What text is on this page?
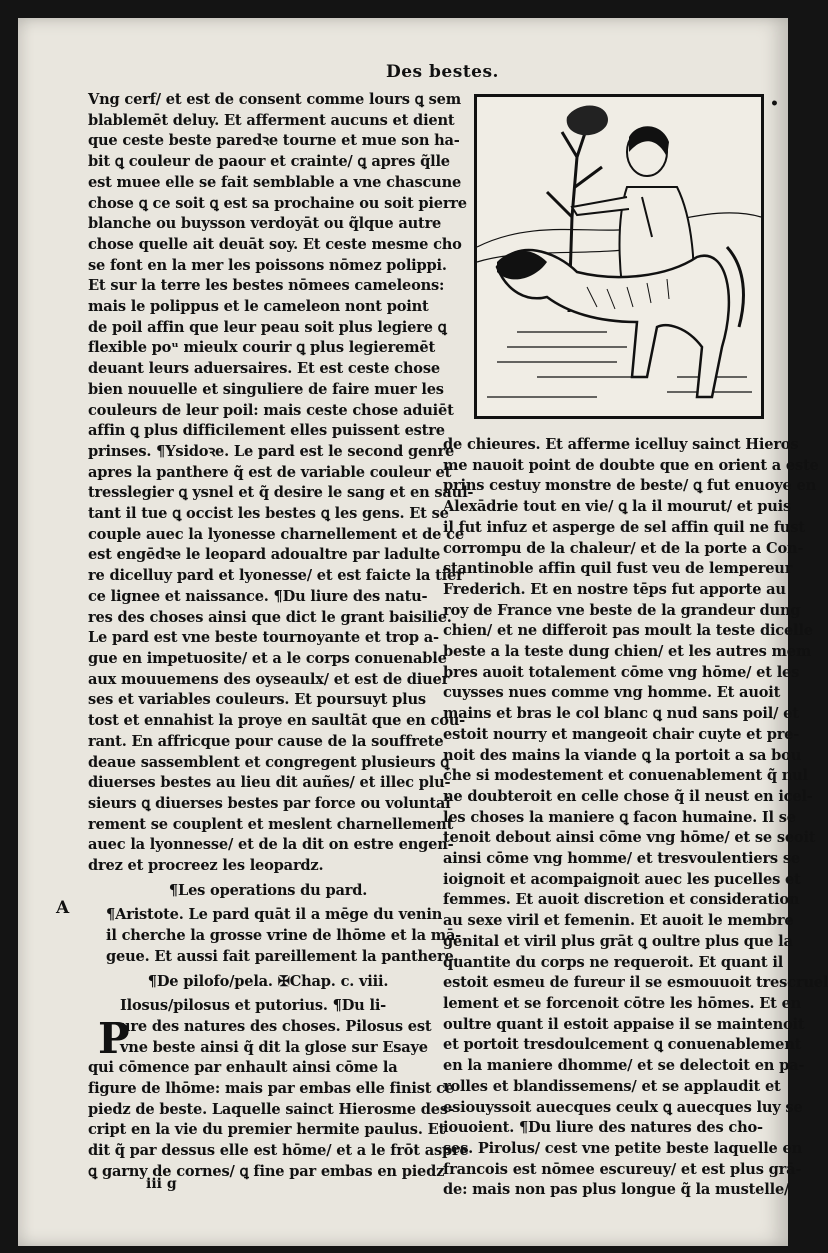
Des bestes.
•
Vng cerf/ et est de consent comme lours ꝗ sem
blablemēt deluy. Et afferment aucuns et dient
que ceste beste paredꝛe tourne et mue son ha-
bit ꝗ couleur de paour et crainte/ ꝗ apres q̃lle
est muee elle se fait semblable a vne chascune
chose ꝗ ce soit ꝗ est sa prochaine ou soit pierre
blanche ou buysson verdoyāt ou q̃lque autre
chose quelle ait deuāt soy. Et ceste mesme cho
se font en la mer les poissons nōmez polippi.
Et sur la terre les bestes nōmees cameleons:
mais le polippus et le cameleon nont point
de poil affin que leur peau soit plus legiere ꝗ
flexible poᵘ mieulx courir ꝗ plus legieremēt
deuant leurs aduersaires. Et est ceste chose
bien nouuelle et singuliere de faire muer les
couleurs de leur poil: mais ceste chose aduiēt
affin ꝗ plus difficilement elles puissent estre
prinses. ¶Ysidoꝛe. Le pard est le second genre
apres la panthere q̃ est de variable couleur et
tresslegier ꝗ ysnel et q̃ desire le sang et en saul-
tant il tue ꝗ occist les bestes ꝗ les gens. Et se
couple auec la lyonesse charnellement et de ce
est engēdꝛe le leopard adoualtre par ladulte
re dicelluy pard et lyonesse/ et est faicte la tier
ce lignee et naissance. ¶Du liure des natu-
res des choses ainsi que dict le grant baisilie.
Le pard est vne beste tournoyante et trop a-
gue en impetuosite/ et a le corps conuenable
aux mouuemens des oyseaulx/ et est de diuer
ses et variables couleurs. Et poursuyt plus
tost et ennahist la proye en saultāt que en cou-
rant. En affricque pour cause de la souffrete
deaue sassemblent et congregent plusieurs ꝗ
diuerses bestes au lieu dit auñes/ et illec plu-
sieurs ꝗ diuerses bestes par force ou voluntai
rement se couplent et meslent charnellement
auec la lyonnesse/ et de la dit on estre engen-
drez et procreez les leopardz.
¶Les operations du pard.
¶Aristote. Le pard quāt il a mēge du venin
il cherche la grosse vrine de lhōme et la mā-
geue. Et aussi fait pareillement la panthere.
¶De pilofo/pela. ✠Chap. c. viii.
Ilosus/pilosus et putorius. ¶Du li-
ure des natures des choses. Pilosus est
vne beste ainsi q̃ dit la glose sur Esaye
qui cōmence par enhault ainsi cōme la
figure de lhōme: mais par embas elle finist ce
piedz de beste. Laquelle sainct Hierosme des-
cript en la vie du premier hermite paulus. Et
dit q̃ par dessus elle est hōme/ et a le frōt aspre
ꝗ garny de cornes/ ꝗ fine par embas en piedz
A
P
de chieures. Et afferme icelluy sainct Hieros
me nauoit point de doubte que en orient a este
prins cestuy monstre de beste/ ꝗ fut enuoye en
Alexādrie tout en vie/ ꝗ la il mourut/ et puis
il fut infuz et asperge de sel affin quil ne fust
corrompu de la chaleur/ et de la porte a Con-
stantinoble affin quil fust veu de lempereur
Frederich. Et en nostre tēps fut apporte au
roy de France vne beste de la grandeur dung
chien/ et ne differoit pas moult la teste dicelle
beste a la teste dung chien/ et les autres mem
bres auoit totalement cōme vng hōme/ et les
cuysses nues comme vng homme. Et auoit
mains et bras le col blanc ꝗ nud sans poil/ et
estoit nourry et mangeoit chair cuyte et pre-
noit des mains la viande ꝗ la portoit a sa bou
che si modestement et conuenablement q̃ nul
ne doubteroit en celle chose q̃ il neust en icel-
les choses la maniere ꝗ facon humaine. Il se
tenoit debout ainsi cōme vng hōme/ et se seoit
ainsi cōme vng homme/ et tresvoulentiers se
ioignoit et acompaignoit auec les pucelles et
femmes. Et auoit discretion et consideration
au sexe viril et femenin. Et auoit le membre
genital et viril plus grāt ꝗ oultre plus que la
quantite du corps ne requeroit. Et quant il
estoit esmeu de fureur il se esmouuoit trescruel
lement et se forcenoit cōtre les hōmes. Et en
oultre quant il estoit appaise il se maintenoit
et portoit tresdoulcement ꝗ conuenablement
en la maniere dhomme/ et se delectoit en pa-
rolles et blandissemens/ et se applaudit et
esiouyssoit auecques ceulx ꝗ auecques luy se
iouoient. ¶Du liure des natures des cho-
ses. Pirolus/ cest vne petite beste laquelle en
francois est nōmee escureuy/ et est plus grā-
de: mais non pas plus longue q̃ la mustelle/
iii g
